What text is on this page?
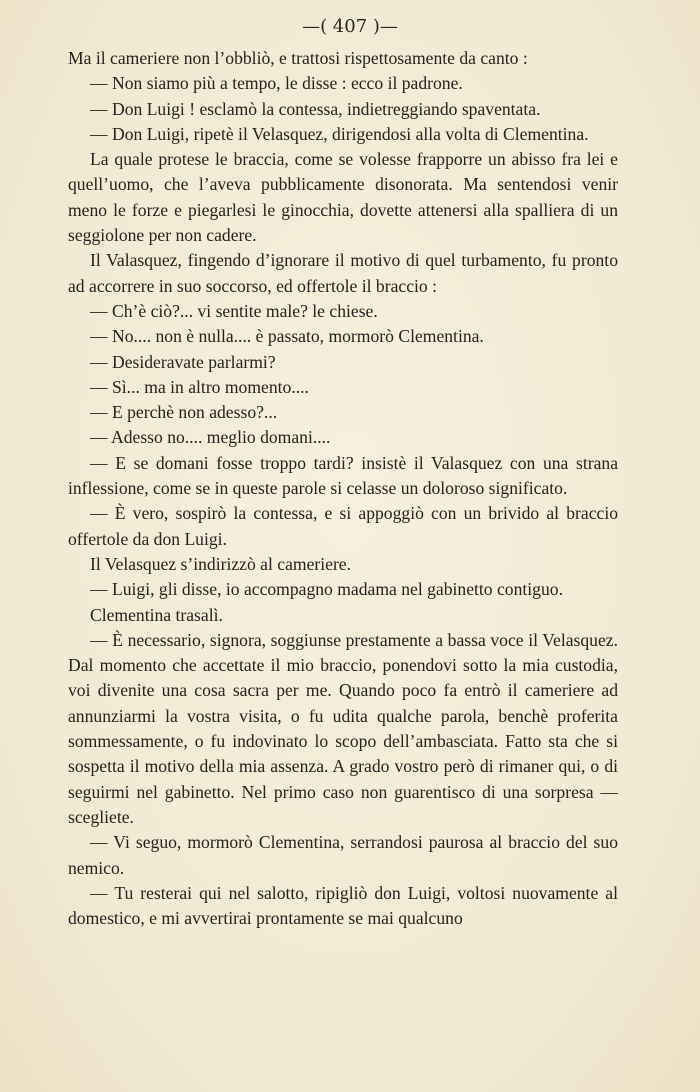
—( 407 )—

Ma il cameriere non l’obbliò, e trattosi rispettosamente da canto :

— Non siamo più a tempo, le disse : ecco il padrone.

— Don Luigi ! esclamò la contessa, indietreggiando spaventata.

— Don Luigi, ripetè il Velasquez, dirigendosi alla volta di Clementina.

La quale protese le braccia, come se volesse frapporre un abisso fra lei e quell’uomo, che l’aveva pubblicamente disonorata. Ma sentendosi venir meno le forze e piegarlesi le ginocchia, dovette attenersi alla spalliera di un seggiolone per non cadere.

Il Valasquez, fingendo d’ignorare il motivo di quel turbamento, fu pronto ad accorrere in suo soccorso, ed offertole il braccio :

— Ch’è ciò?... vi sentite male? le chiese.

— No.... non è nulla.... è passato, mormorò Clementina.

— Desideravate parlarmi?

— Sì... ma in altro momento....

— E perchè non adesso?...

— Adesso no.... meglio domani....

— E se domani fosse troppo tardi? insistè il Valasquez con una strana inflessione, come se in queste parole si celasse un doloroso significato.

— È vero, sospirò la contessa, e si appoggiò con un brivido al braccio offertole da don Luigi.

Il Velasquez s’indirizzò al cameriere.

— Luigi, gli disse, io accompagno madama nel gabinetto contiguo.

Clementina trasalì.

— È necessario, signora, soggiunse prestamente a bassa voce il Velasquez. Dal momento che accettate il mio braccio, ponendovi sotto la mia custodia, voi divenite una cosa sacra per me. Quando poco fa entrò il cameriere ad annunziarmi la vostra visita, o fu udita qualche parola, benchè proferita sommessamente, o fu indovinato lo scopo dell’ambasciata. Fatto sta che si sospetta il motivo della mia assenza. A grado vostro però di rimaner qui, o di seguirmi nel gabinetto. Nel primo caso non guarentisco di una sorpresa — scegliete.

— Vi seguo, mormorò Clementina, serrandosi paurosa al braccio del suo nemico.

— Tu resterai qui nel salotto, ripigliò don Luigi, voltosi nuovamente al domestico, e mi avvertirai prontamente se mai qualcuno
